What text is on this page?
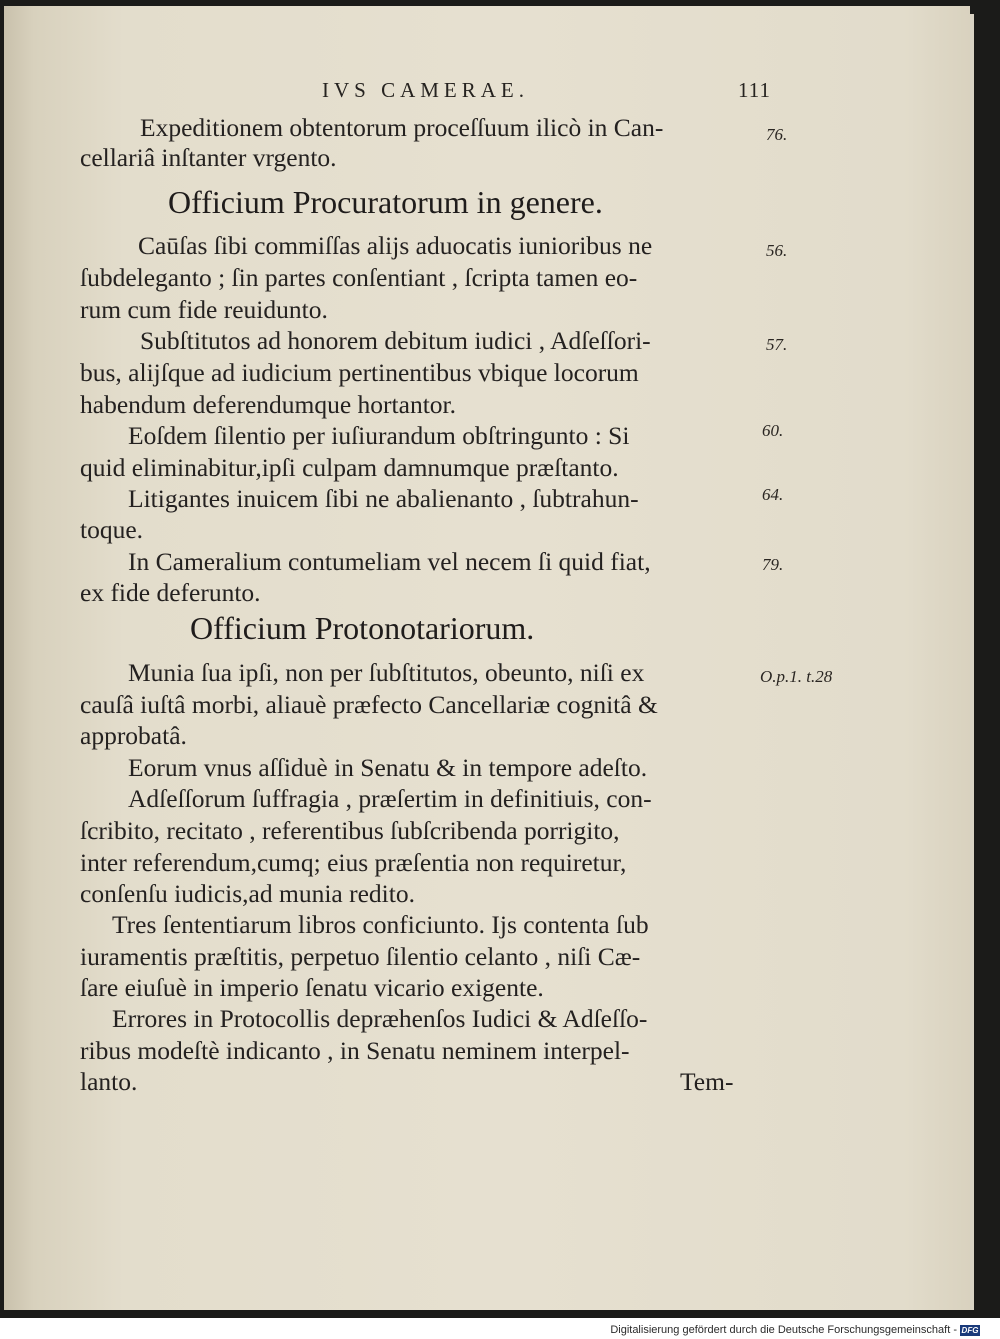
IVS CAMERAE.	111
Expeditionem obtentorum proceſſuum ilicò in Can-
cellariâ inſtanter vrgento.
Officium Procuratorum in genere.
Caūſas ſibi commiſſas alijs aduocatis iunioribus ne
ſubdeleganto ; ſin partes conſentiant , ſcripta tamen eo-
rum cum fide reuidunto.
Subſtitutos ad honorem debitum iudici , Adſeſſori-
bus, alijſque ad iudicium pertinentibus vbique locorum
habendum deferendumque hortantor.
Eoſdem ſilentio per iuſiurandum obſtringunto : Si
quid eliminabitur,ipſi culpam damnumque præſtanto.
Litigantes inuicem ſibi ne abalienanto , ſubtrahun-
toque.
In Cameralium contumeliam vel necem ſi quid fiat,
ex fide deferunto.
Officium Protonotariorum.
Munia ſua ipſi, non per ſubſtitutos, obeunto, niſi ex
cauſâ iuſtâ morbi, aliauè præfecto Cancellariæ cognitâ &
approbatâ.
Eorum vnus aſſiduè in Senatu & in tempore adeſto.
Adſeſſorum ſuffragia , præſertim in definitiuis, con-
ſcribito, recitato , referentibus ſubſcribenda porrigito,
inter referendum,cumq; eius præſentia non requiretur,
conſenſu iudicis,ad munia redito.
Tres ſententiarum libros conficiunto. Ijs contenta ſub
iuramentis præſtitis, perpetuo ſilentio celanto , niſi Cæ-
ſare eiuſuè in imperio ſenatu vicario exigente.
Errores in Protocollis depræhenſos Iudici & Adſeſſo-
ribus modeſtè indicanto , in Senatu neminem interpel-
lanto.	Tem-
76.
56.
57.
60.
64.
79.
O.p.1. t.28
Digitalisierung gefördert durch die Deutsche Forschungsgemeinschaft - DFG
